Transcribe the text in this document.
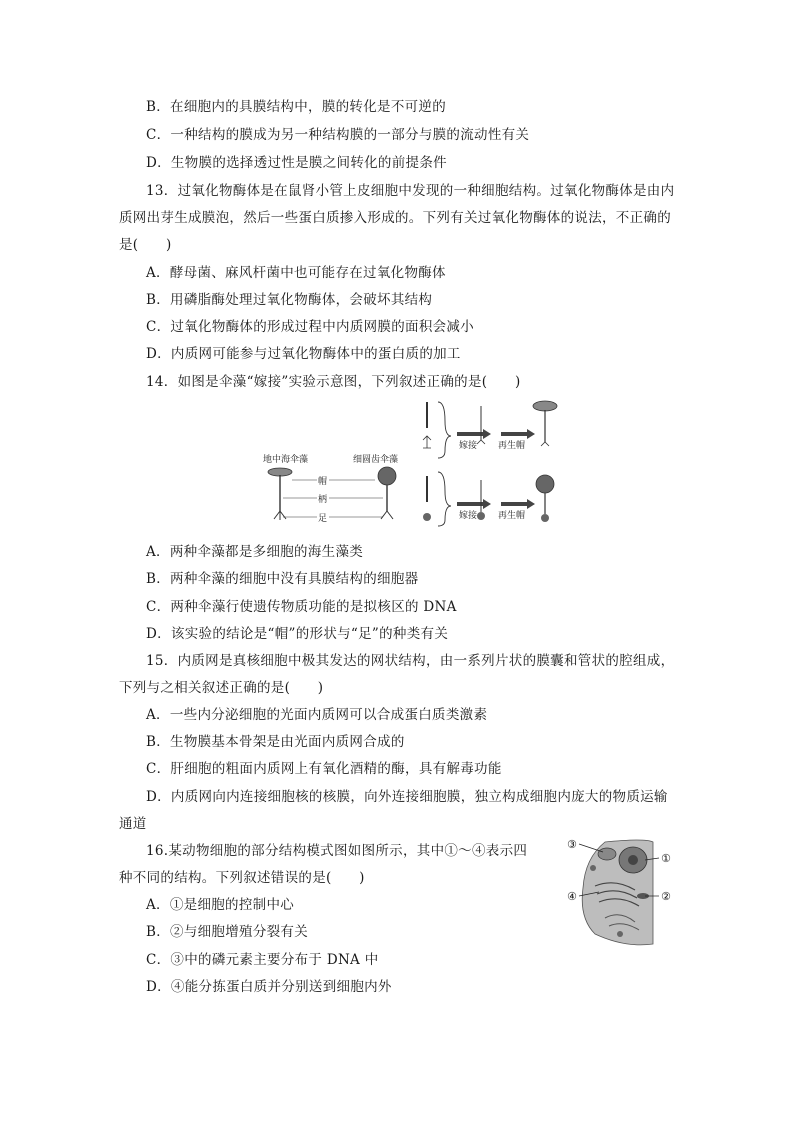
B．在细胞内的具膜结构中，膜的转化是不可逆的
C．一种结构的膜成为另一种结构膜的一部分与膜的流动性有关
D．生物膜的选择透过性是膜之间转化的前提条件
13．过氧化物酶体是在鼠肾小管上皮细胞中发现的一种细胞结构。过氧化物酶体是由内
质网出芽生成膜泡，然后一些蛋白质掺入形成的。下列有关过氧化物酶体的说法，不正确的
是(　　)
A．酵母菌、麻风杆菌中也可能存在过氧化物酶体
B．用磷脂酶处理过氧化物酶体，会破坏其结构
C．过氧化物酶体的形成过程中内质网膜的面积会减小
D．内质网可能参与过氧化物酶体中的蛋白质的加工
14．如图是伞藻“嫁接”实验示意图，下列叙述正确的是(　　)
地中海伞藻	细圆齿伞藻
帽
柄
足
嫁接 再生帽
嫁接 再生帽
A．两种伞藻都是多细胞的海生藻类
B．两种伞藻的细胞中没有具膜结构的细胞器
C．两种伞藻行使遗传物质功能的是拟核区的 DNA
D．该实验的结论是“帽”的形状与“足”的种类有关
15．内质网是真核细胞中极其发达的网状结构，由一系列片状的膜囊和管状的腔组成，
下列与之相关叙述正确的是(　　)
A．一些内分泌细胞的光面内质网可以合成蛋白质类激素
B．生物膜基本骨架是由光面内质网合成的
C．肝细胞的粗面内质网上有氧化酒精的酶，具有解毒功能
D．内质网向内连接细胞核的核膜，向外连接细胞膜，独立构成细胞内庞大的物质运输
通道
16.某动物细胞的部分结构模式图如图所示，其中①～④表示四
种不同的结构。下列叙述错误的是(　　)
③
①
②
④
A．①是细胞的控制中心
B．②与细胞增殖分裂有关
C．③中的磷元素主要分布于 DNA 中
D．④能分拣蛋白质并分别送到细胞内外
